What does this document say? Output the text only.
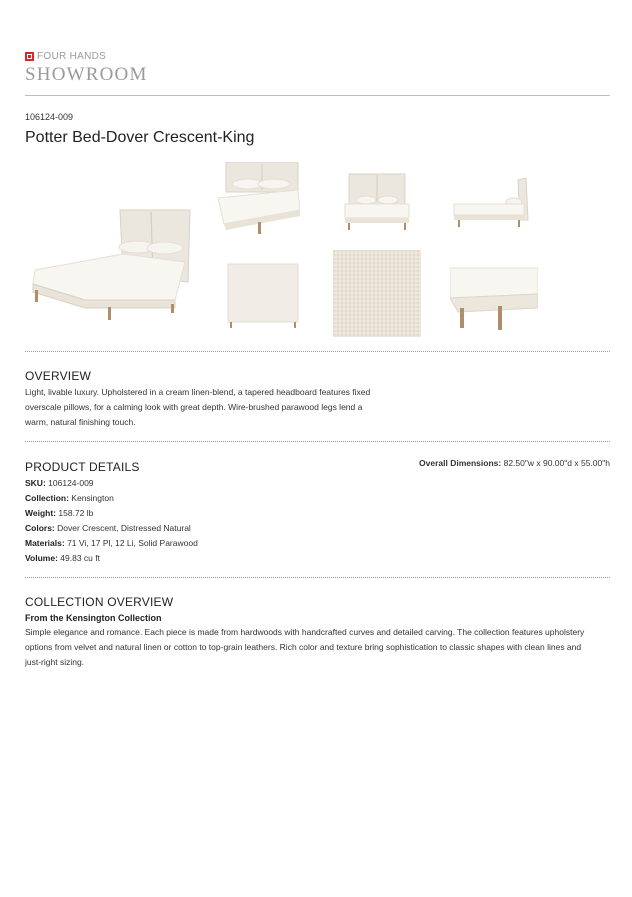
FOUR HANDS
SHOWROOM
106124-009
Potter Bed-Dover Crescent-King
OVERVIEW
Light, livable luxury. Upholstered in a cream linen-blend, a tapered headboard features fixed
overscale pillows, for a calming look with great depth. Wire-brushed parawood legs lend a
warm, natural finishing touch.
PRODUCT DETAILS
SKU: 106124-009
Collection: Kensington
Weight: 158.72 lb
Colors: Dover Crescent, Distressed Natural
Materials: 71 Vi, 17 Pl, 12 Li, Solid Parawood
Volume: 49.83 cu ft
Overall Dimensions: 82.50"w x 90.00"d x 55.00"h
COLLECTION OVERVIEW
From the Kensington Collection
Simple elegance and romance. Each piece is made from hardwoods with handcrafted curves and detailed carving. The collection features upholstery
options from velvet and natural linen or cotton to top-grain leathers. Rich color and texture bring sophistication to classic shapes with clean lines and
just-right sizing.
